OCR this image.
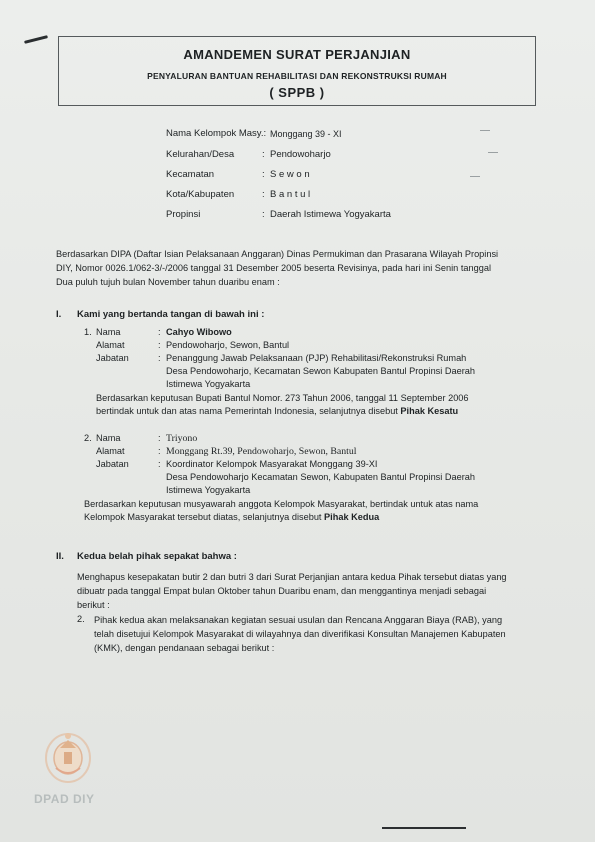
AMANDEMEN SURAT PERJANJIAN
PENYALURAN BANTUAN REHABILITASI DAN REKONSTRUKSI RUMAH
( SPPB )
Nama Kelompok Masy.: Monggang 39 - XI
Kelurahan/Desa	: Pendowoharjo
Kecamatan	: S e w o n
Kota/Kabupaten	: B a n t u l
Propinsi	: Daerah Istimewa Yogyakarta
Berdasarkan DIPA (Daftar Isian Pelaksanaan Anggaran) Dinas Permukiman dan Prasarana Wilayah Propinsi
DIY, Nomor 0026.1/062-3/-/2006 tanggal 31 Desember 2005 beserta Revisinya, pada hari ini Senin tanggal
Dua puluh tujuh bulan November tahun duaribu enam :
I. Kami yang bertanda tangan di bawah ini :
1. Nama	: Cahyo Wibowo
Alamat	: Pendowoharjo, Sewon, Bantul
Jabatan	: Penanggung Jawab Pelaksanaan (PJP) Rehabilitasi/Rekonstruksi Rumah
Desa Pendowoharjo, Kecamatan Sewon Kabupaten Bantul Propinsi Daerah
Istimewa Yogyakarta
Berdasarkan keputusan Bupati Bantul Nomor. 273 Tahun 2006, tanggal 11 September 2006
bertindak untuk dan atas nama Pemerintah Indonesia, selanjutnya disebut Pihak Kesatu
2. Nama	: Triyono
Alamat	: Monggang Rt.39, Pendowoharjo, Sewon, Bantul
Jabatan	: Koordinator Kelompok Masyarakat Monggang 39-XI
Desa Pendowoharjo Kecamatan Sewon, Kabupaten Bantul Propinsi Daerah
Istimewa Yogyakarta
Berdasarkan keputusan musyawarah anggota Kelompok Masyarakat, bertindak untuk atas nama
Kelompok Masyarakat tersebut diatas, selanjutnya disebut Pihak Kedua
II. Kedua belah pihak sepakat bahwa :
Menghapus kesepakatan butir 2 dan butri 3 dari Surat Perjanjian antara kedua Pihak tersebut diatas yang
dibuatr pada tanggal Empat bulan Oktober tahun Duaribu enam, dan menggantinya menjadi sebagai
berikut :
2. Pihak kedua akan melaksanakan kegiatan sesuai usulan dan Rencana Anggaran Biaya (RAB), yang
telah disetujui Kelompok Masyarakat di wilayahnya dan diverifikasi Konsultan Manajemen Kabupaten
(KMK), dengan pendanaan sebagai berikut :
DPAD DIY
